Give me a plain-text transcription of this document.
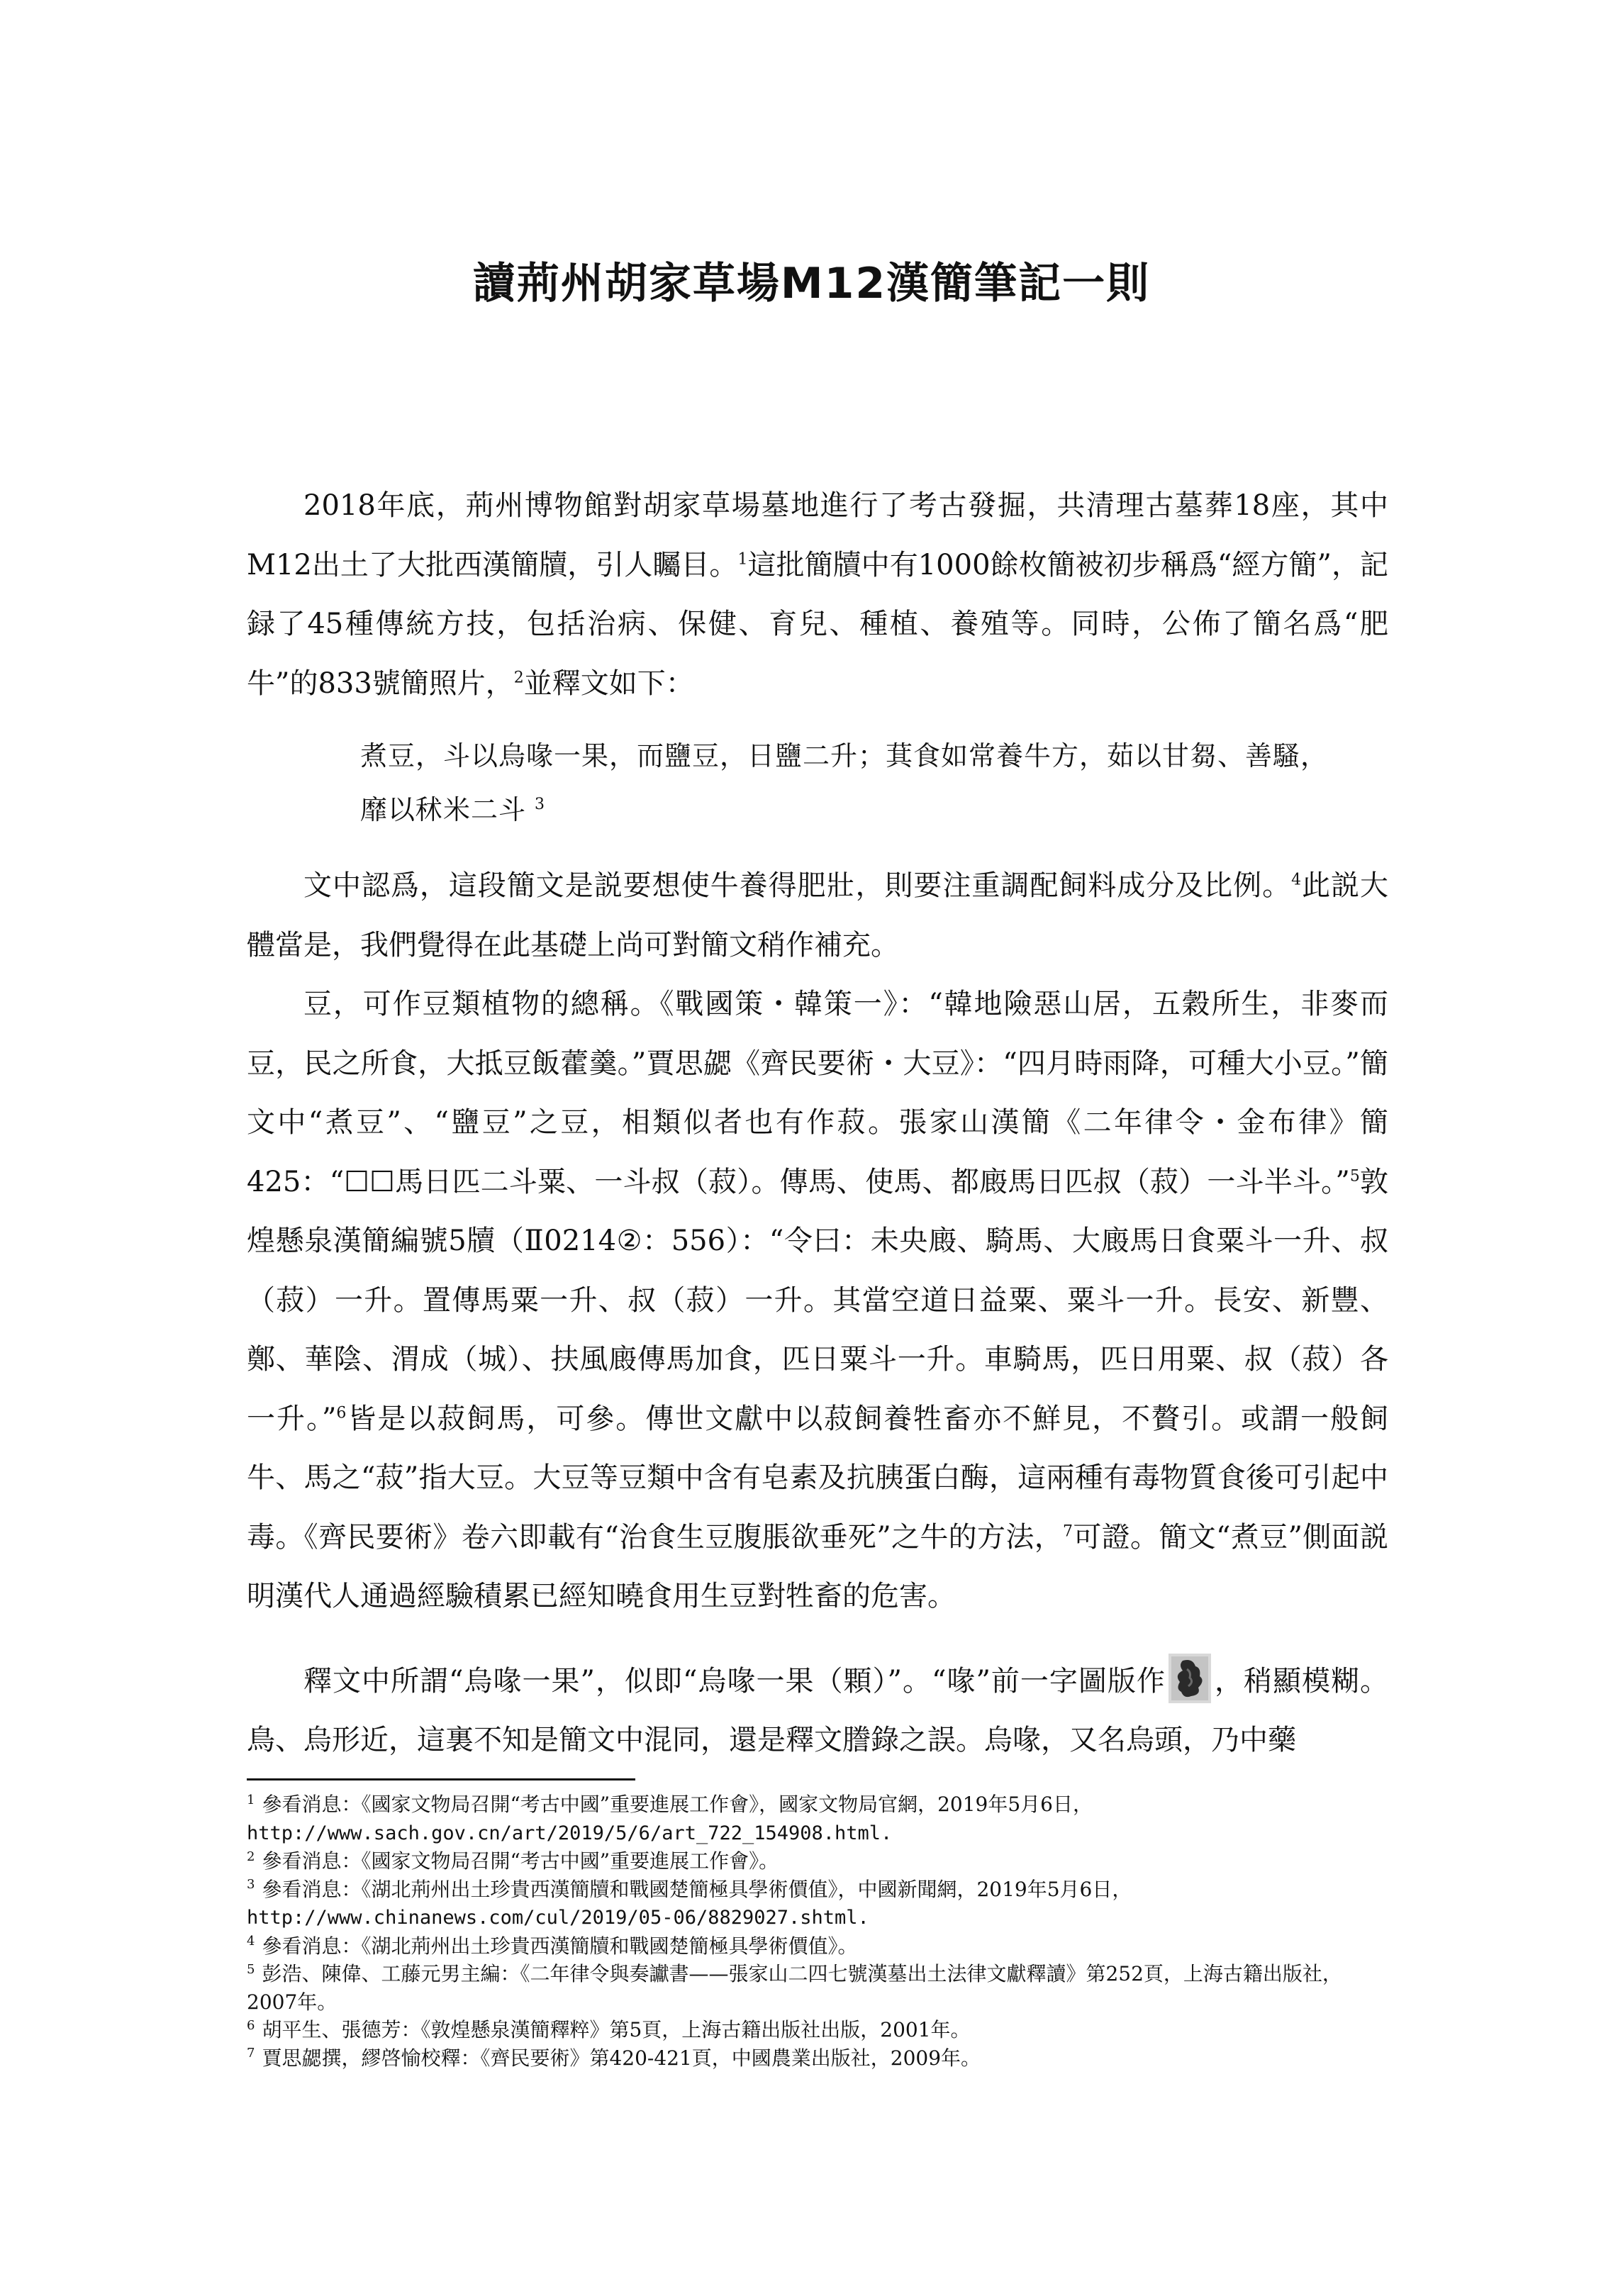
讀荊州胡家草場M12漢簡筆記一則

2018年底，荊州博物館對胡家草場墓地進行了考古發掘，共清理古墓葬18座，其中M12出土了大批西漢簡牘，引人矚目。$^1$這批簡牘中有1000餘枚簡被初步稱爲“經方簡”，記録了45種傳統方技，包括治病、保健、育兒、種植、養殖等。同時，公佈了簡名爲“肥牛”的833號簡照片，$^2$並釋文如下：

煮豆，斗以烏喙一果，而鹽豆，日鹽二升；萁食如常養牛方，茹以甘芻、善騷，

靡以秫米二斗 $^3$

文中認爲，這段簡文是説要想使牛養得肥壯，則要注重調配飼料成分及比例。$^4$此説大體當是，我們覺得在此基礎上尚可對簡文稍作補充。

豆，可作豆類植物的總稱。《戰國策・韓策一》：“韓地險惡山居，五穀所生，非麥而豆，民之所食，大抵豆飯藿羹。”賈思勰《齊民要術・大豆》：“四月時雨降，可種大小豆。”簡文中“煮豆”、“鹽豆”之豆，相類似者也有作菽。張家山漢簡《二年律令・金布律》簡425：“☐☐馬日匹二斗粟、一斗叔（菽）。傳馬、使馬、都廄馬日匹叔（菽）一斗半斗。”$^5$敦煌懸泉漢簡編號5牘（Ⅱ0214②：556）：“令曰：未央廄、騎馬、大廄馬日食粟斗一升、叔（菽）一升。置傳馬粟一升、叔（菽）一升。其當空道日益粟、粟斗一升。長安、新豐、鄭、華陰、渭成（城）、扶風廄傳馬加食，匹日粟斗一升。車騎馬，匹日用粟、叔（菽）各一升。”$^6$皆是以菽飼馬，可參。傳世文獻中以菽飼養牲畜亦不鮮見，不贅引。或謂一般飼牛、馬之“菽”指大豆。大豆等豆類中含有皂素及抗胰蛋白酶，這兩種有毒物質食後可引起中毒。《齊民要術》卷六即載有“治食生豆腹脹欲垂死”之牛的方法，$^7$可證。簡文“煮豆”側面説明漢代人通過經驗積累已經知曉食用生豆對牲畜的危害。

釋文中所謂“烏喙一果”，似即“烏喙一果（顆）”。“喙”前一字圖版作 ，稍顯模糊。鳥、烏形近，這裏不知是簡文中混同，還是釋文謄錄之誤。烏喙，又名烏頭，乃中藥

$^1$ 參看消息：《國家文物局召開“考古中國”重要進展工作會》，國家文物局官網，2019年5月6日，
http://www.sach.gov.cn/art/2019/5/6/art_722_154908.html.

$^2$ 參看消息：《國家文物局召開“考古中國”重要進展工作會》。

$^3$ 參看消息：《湖北荊州出土珍貴西漢簡牘和戰國楚簡極具學術價值》，中國新聞網，2019年5月6日，
http://www.chinanews.com/cul/2019/05-06/8829027.shtml.

$^4$ 參看消息：《湖北荊州出土珍貴西漢簡牘和戰國楚簡極具學術價值》。

$^5$ 彭浩、陳偉、工藤元男主編：《二年律令與奏讞書——張家山二四七號漢墓出土法律文獻釋讀》第252頁，上海古籍出版社，2007年。

$^6$ 胡平生、張德芳：《敦煌懸泉漢簡釋粹》第5頁，上海古籍出版社出版，2001年。

$^7$ 賈思勰撰，繆啓愉校釋：《齊民要術》第420-421頁，中國農業出版社，2009年。
